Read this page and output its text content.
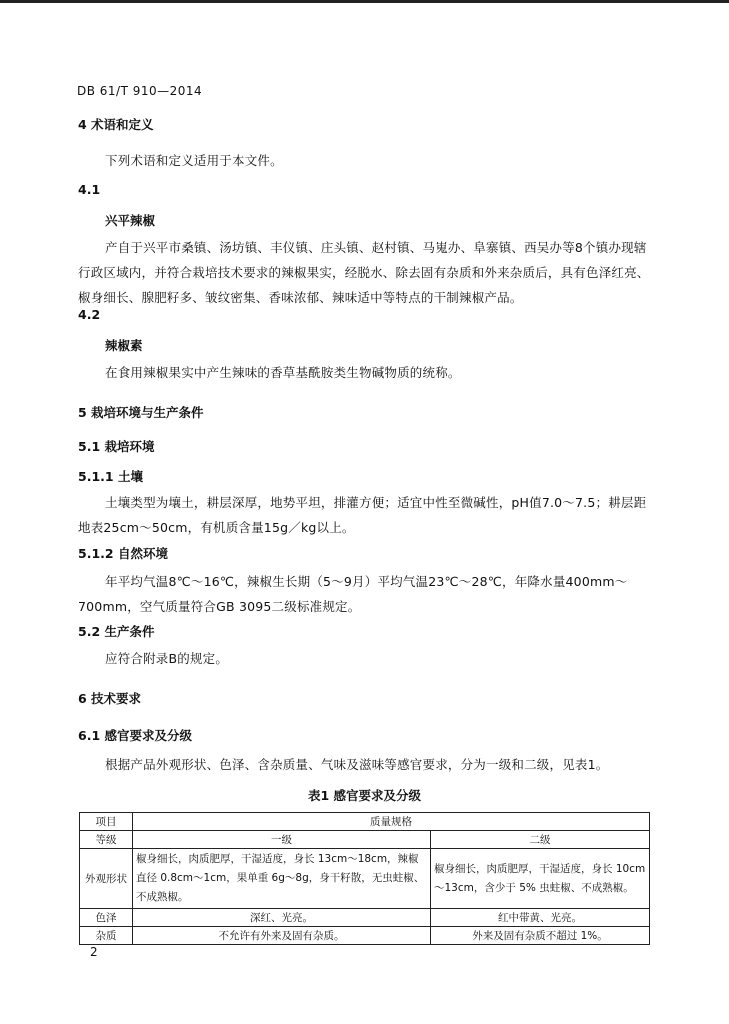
DB 61/T 910—2014
4 术语和定义
下列术语和定义适用于本文件。
4.1
兴平辣椒
产自于兴平市桑镇、汤坊镇、丰仪镇、庄头镇、赵村镇、马嵬办、阜寨镇、西吴办等8个镇办现辖行政区域内，并符合栽培技术要求的辣椒果实，经脱水、除去固有杂质和外来杂质后，具有色泽红亮、椒身细长、腺肥籽多、皱纹密集、香味浓郁、辣味适中等特点的干制辣椒产品。
4.2
辣椒素
在食用辣椒果实中产生辣味的香草基酰胺类生物碱物质的统称。
5 栽培环境与生产条件
5.1 栽培环境
5.1.1 土壤
土壤类型为壤土，耕层深厚，地势平坦，排灌方便；适宜中性至微碱性，pH值7.0～7.5；耕层距地表25cm～50cm，有机质含量15g／kg以上。
5.1.2 自然环境
年平均气温8℃～16℃，辣椒生长期（5～9月）平均气温23℃～28℃，年降水量400mm～700mm，空气质量符合GB 3095二级标准规定。
5.2 生产条件
应符合附录B的规定。
6 技术要求
6.1 感官要求及分级
根据产品外观形状、色泽、含杂质量、气味及滋味等感官要求，分为一级和二级，见表1。
表1 感官要求及分级
项目	质量规格	
等级	一级	二级
外观形状	椒身细长，肉质肥厚，干湿适度，身长 13cm～18cm，辣椒直径 0.8cm～1cm，果单重 6g～8g，身干籽散，无虫蛀椒、不成熟椒。	椒身细长，肉质肥厚，干湿适度，身长 10cm～13cm，含少于 5% 虫蛀椒、不成熟椒。
色泽	深红、光亮。	红中带黄、光亮。
杂质	不允许有外来及固有杂质。	外来及固有杂质不超过 1%。
2
